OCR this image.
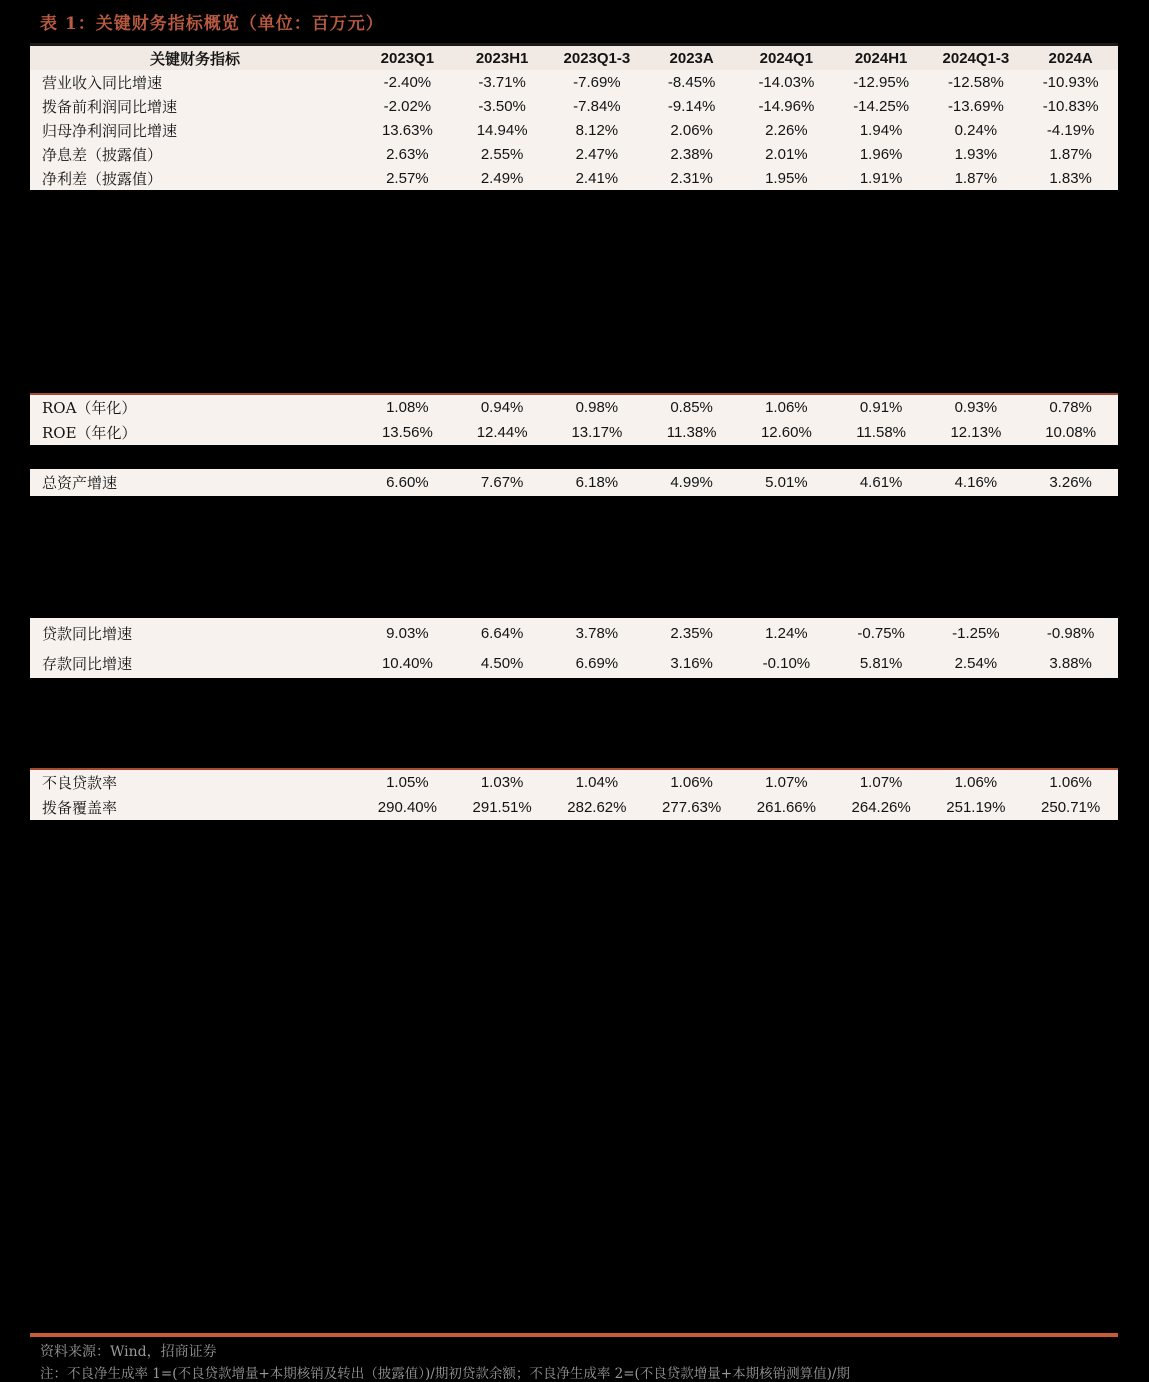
表 1：关键财务指标概览（单位：百万元）
关键财务指标	2023Q1	2023H1	2023Q1-3	2023A	2024Q1	2024H1	2024Q1-3	2024A
营业收入同比增速	-2.40%	-3.71%	-7.69%	-8.45%	-14.03%	-12.95%	-12.58%	-10.93%
拨备前利润同比增速	-2.02%	-3.50%	-7.84%	-9.14%	-14.96%	-14.25%	-13.69%	-10.83%
归母净利润同比增速	13.63%	14.94%	8.12%	2.06%	2.26%	1.94%	0.24%	-4.19%
净息差（披露值）	2.63%	2.55%	2.47%	2.38%	2.01%	1.96%	1.93%	1.87%
净利差（披露值）	2.57%	2.49%	2.41%	2.31%	1.95%	1.91%	1.87%	1.83%
ROA（年化）	1.08%	0.94%	0.98%	0.85%	1.06%	0.91%	0.93%	0.78%
ROE（年化）	13.56%	12.44%	13.17%	11.38%	12.60%	11.58%	12.13%	10.08%
总资产增速	6.60%	7.67%	6.18%	4.99%	5.01%	4.61%	4.16%	3.26%
贷款同比增速	9.03%	6.64%	3.78%	2.35%	1.24%	-0.75%	-1.25%	-0.98%
存款同比增速	10.40%	4.50%	6.69%	3.16%	-0.10%	5.81%	2.54%	3.88%
不良贷款率	1.05%	1.03%	1.04%	1.06%	1.07%	1.07%	1.06%	1.06%
拨备覆盖率	290.40%	291.51%	282.62%	277.63%	261.66%	264.26%	251.19%	250.71%
资料来源：Wind，招商证券
注：不良净生成率 1=(不良贷款增量+本期核销及转出（披露值）)/期初贷款余额；不良净生成率 2=(不良贷款增量+本期核销测算值)/期
